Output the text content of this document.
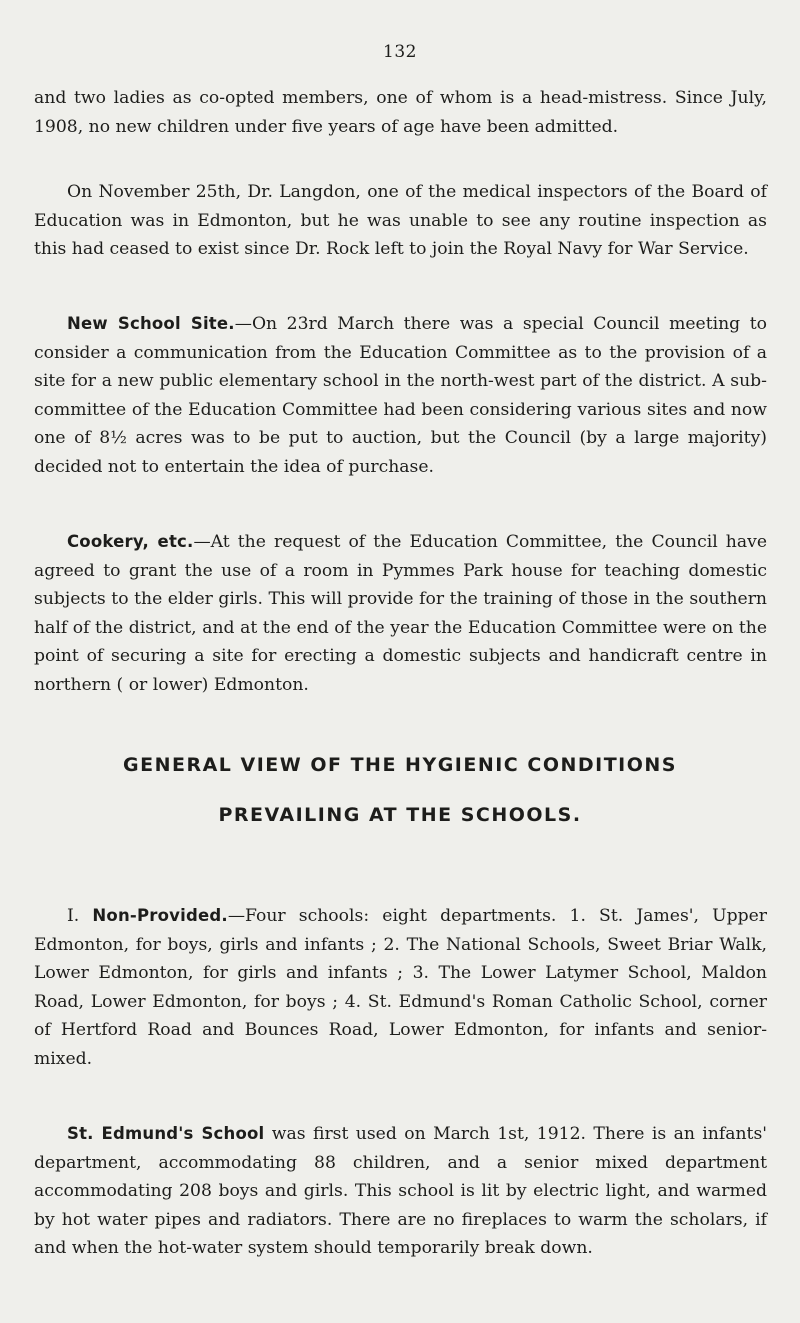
132
and two ladies as co-opted members, one of whom is a head-mistress. Since July, 1908, no new children under five years of age have been admitted.
On November 25th, Dr. Langdon, one of the medical inspectors of the Board of Education was in Edmonton, but he was unable to see any routine inspection as this had ceased to exist since Dr. Rock left to join the Royal Navy for War Service.
New School Site.—On 23rd March there was a special Council meeting to consider a communication from the Education Committee as to the provision of a site for a new public elementary school in the north-west part of the district. A sub-committee of the Education Committee had been considering various sites and now one of 8½ acres was to be put to auction, but the Council (by a large majority) decided not to entertain the idea of purchase.
Cookery, etc.—At the request of the Education Committee, the Council have agreed to grant the use of a room in Pymmes Park house for teaching domestic subjects to the elder girls. This will provide for the training of those in the southern half of the district, and at the end of the year the Education Committee were on the point of securing a site for erecting a domestic subjects and handicraft centre in northern ( or lower) Edmonton.
GENERAL VIEW OF THE HYGIENIC CONDITIONS
PREVAILING AT THE SCHOOLS.
I. Non-Provided.—Four schools: eight departments. 1. St. James', Upper Edmonton, for boys, girls and infants ; 2. The National Schools, Sweet Briar Walk, Lower Edmonton, for girls and infants ; 3. The Lower Latymer School, Maldon Road, Lower Edmonton, for boys ; 4. St. Edmund's Roman Catholic School, corner of Hertford Road and Bounces Road, Lower Edmonton, for infants and senior-mixed.
St. Edmund's School was first used on March 1st, 1912. There is an infants' department, accommodating 88 children, and a senior mixed department accommodating 208 boys and girls. This school is lit by electric light, and warmed by hot water pipes and radiators. There are no fireplaces to warm the scholars, if and when the hot-water system should temporarily break down.
